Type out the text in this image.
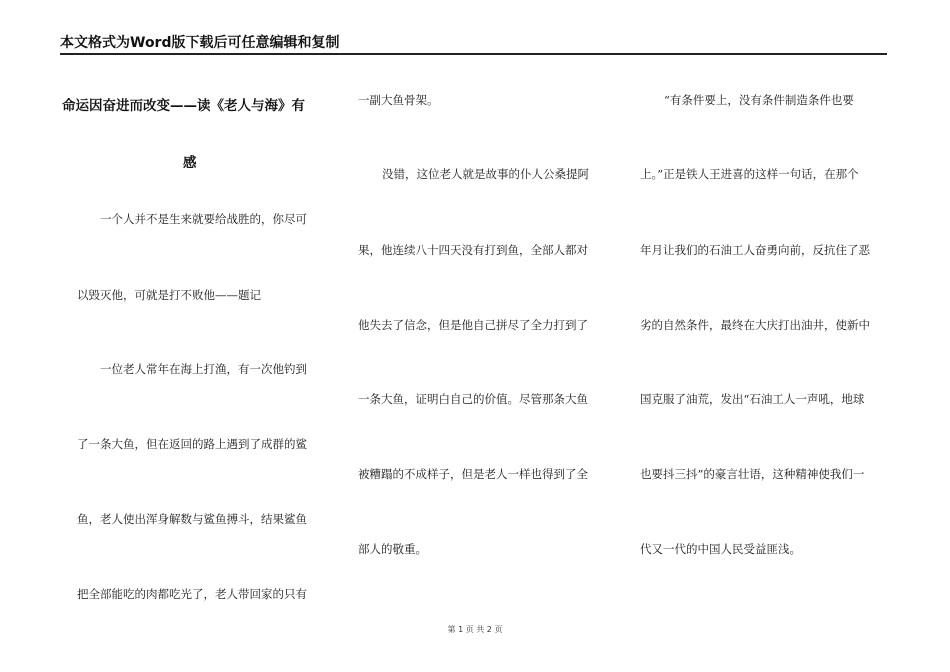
本文格式为Word版下载后可任意编辑和复制
命运因奋进而改变——读《老人与海》有
感
一个人并不是生来就要给战胜的，你尽可
以毁灭他，可就是打不败他——题记
一位老人常年在海上打渔，有一次他钓到
了一条大鱼，但在返回的路上遇到了成群的鲨
鱼，老人使出浑身解数与鲨鱼搏斗，结果鲨鱼
把全部能吃的肉都吃光了，老人带回家的只有
一副大鱼骨架。
没错，这位老人就是故事的仆人公桑提阿
果，他连续八十四天没有打到鱼，全部人都对
他失去了信念，但是他自己拼尽了全力打到了
一条大鱼，证明白自己的价值。尽管那条大鱼
被糟蹋的不成样子，但是老人一样也得到了全
部人的敬重。
“有条件要上，没有条件制造条件也要
上。”正是铁人王进喜的这样一句话，在那个
年月让我们的石油工人奋勇向前，反抗住了恶
劣的自然条件，最终在大庆打出油井，使新中
国克服了油荒，发出“石油工人一声吼，地球
也要抖三抖”的豪言壮语，这种精神使我们一
代又一代的中国人民受益匪浅。
第 1 页 共 2 页
